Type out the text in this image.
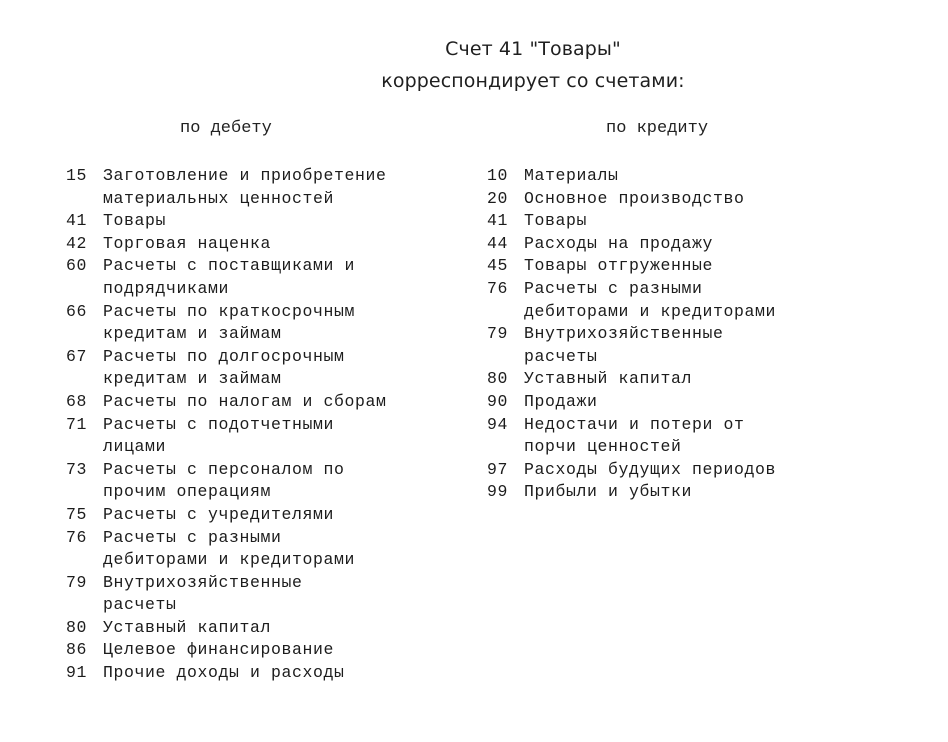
Счет 41 "Товары"
корреспондирует со счетами:
по дебету	по кредиту
15 Заготовление и приобретение
материальных ценностей
41 Товары
42 Торговая наценка
60 Расчеты с поставщиками и
подрядчиками
66 Расчеты по краткосрочным
кредитам и займам
67 Расчеты по долгосрочным
кредитам и займам
68 Расчеты по налогам и сборам
71 Расчеты с подотчетными
лицами
73 Расчеты с персоналом по
прочим операциям
75 Расчеты с учредителями
76 Расчеты с разными
дебиторами и кредиторами
79 Внутрихозяйственные
расчеты
80 Уставный капитал
86 Целевое финансирование
91 Прочие доходы и расходы
10 Материалы
20 Основное производство
41 Товары
44 Расходы на продажу
45 Товары отгруженные
76 Расчеты с разными
дебиторами и кредиторами
79 Внутрихозяйственные
расчеты
80 Уставный капитал
90 Продажи
94 Недостачи и потери от
порчи ценностей
97 Расходы будущих периодов
99 Прибыли и убытки
